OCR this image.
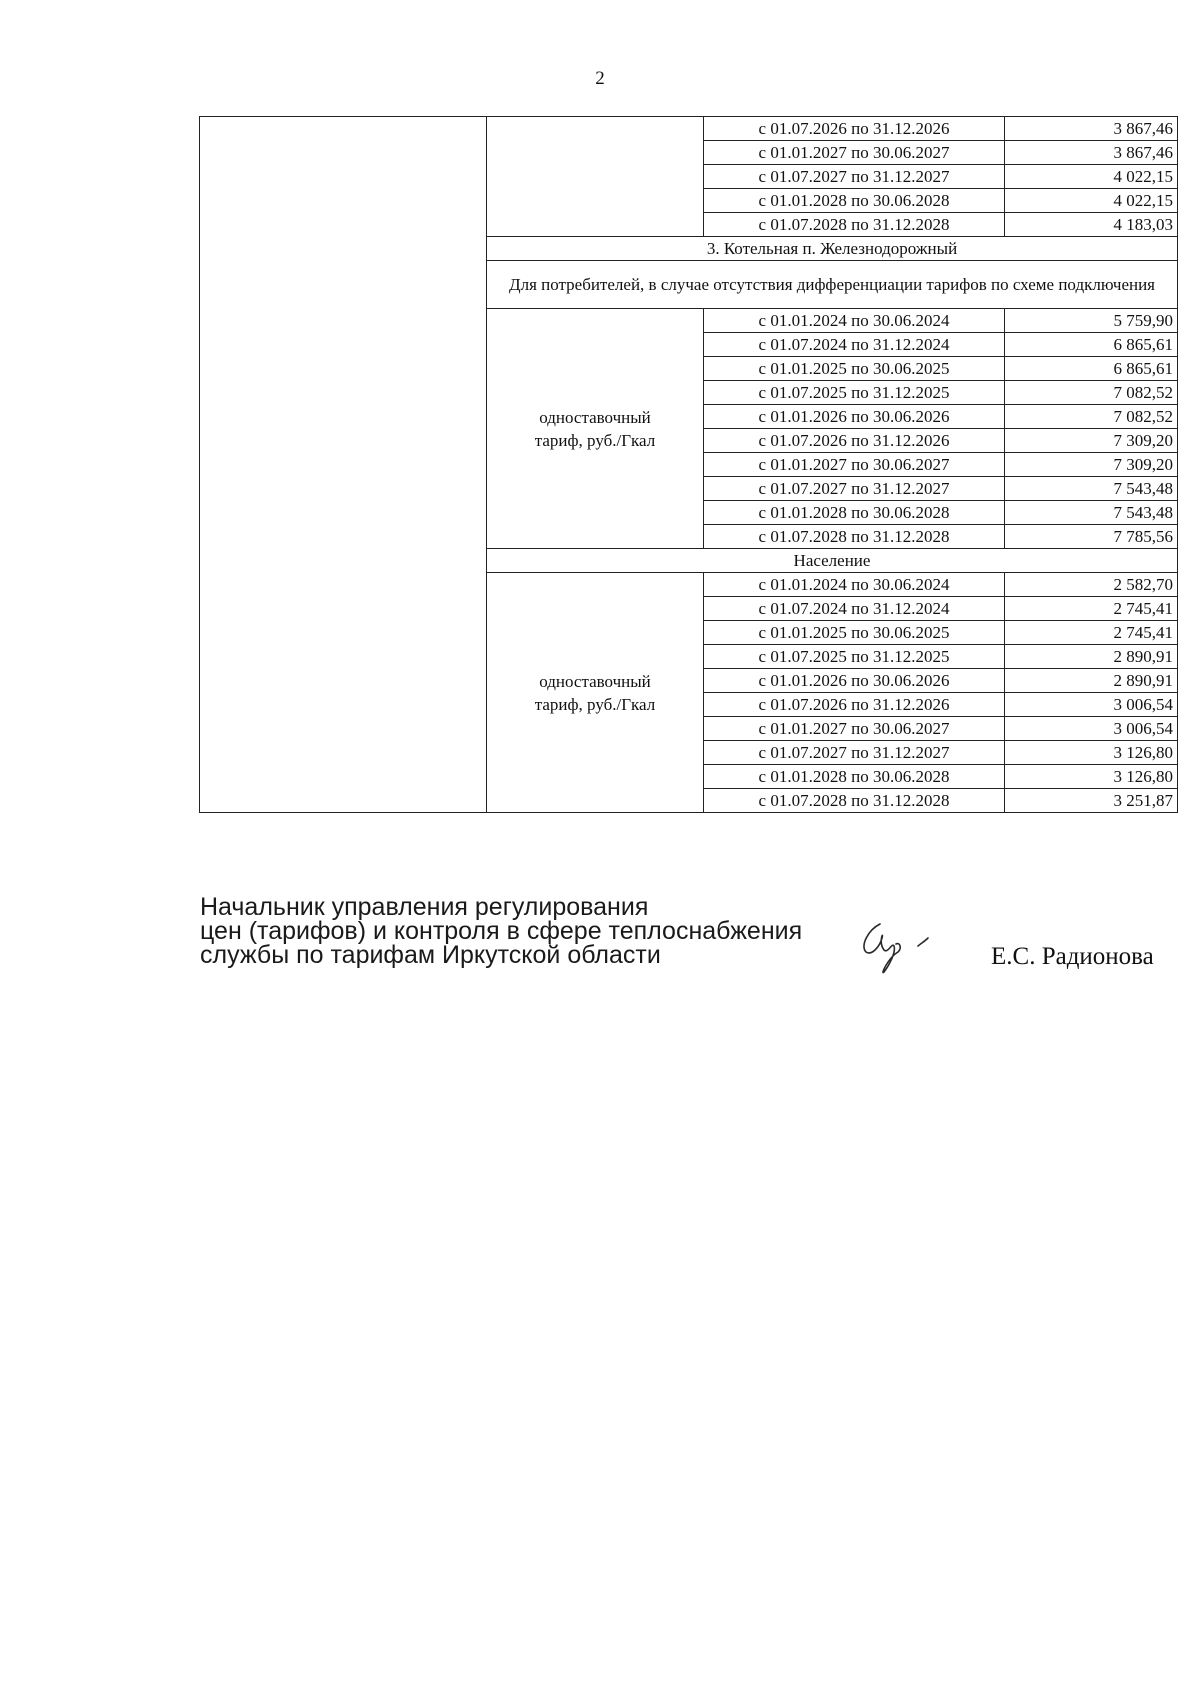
2
		с 01.07.2026 по 31.12.2026	3 867,46
		с 01.01.2027 по 30.06.2027	3 867,46
		с 01.07.2027 по 31.12.2027	4 022,15
		с 01.01.2028 по 30.06.2028	4 022,15
		с 01.07.2028 по 31.12.2028	4 183,03
	3. Котельная п. Железнодорожный		
	Для потребителей, в случае отсутствия дифференциации тарифов по схеме подключения		
	одноставочный
тариф, руб./Гкал	с 01.01.2024 по 30.06.2024	5 759,90
		с 01.07.2024 по 31.12.2024	6 865,61
		с 01.01.2025 по 30.06.2025	6 865,61
		с 01.07.2025 по 31.12.2025	7 082,52
		с 01.01.2026 по 30.06.2026	7 082,52
		с 01.07.2026 по 31.12.2026	7 309,20
		с 01.01.2027 по 30.06.2027	7 309,20
		с 01.07.2027 по 31.12.2027	7 543,48
		с 01.01.2028 по 30.06.2028	7 543,48
		с 01.07.2028 по 31.12.2028	7 785,56
	Население		
	одноставочный
тариф, руб./Гкал	с 01.01.2024 по 30.06.2024	2 582,70
		с 01.07.2024 по 31.12.2024	2 745,41
		с 01.01.2025 по 30.06.2025	2 745,41
		с 01.07.2025 по 31.12.2025	2 890,91
		с 01.01.2026 по 30.06.2026	2 890,91
		с 01.07.2026 по 31.12.2026	3 006,54
		с 01.01.2027 по 30.06.2027	3 006,54
		с 01.07.2027 по 31.12.2027	3 126,80
		с 01.01.2028 по 30.06.2028	3 126,80
		с 01.07.2028 по 31.12.2028	3 251,87
Начальник управления регулирования
цен (тарифов) и контроля в сфере теплоснабжения
службы по тарифам Иркутской области	Е.С. Радионова
